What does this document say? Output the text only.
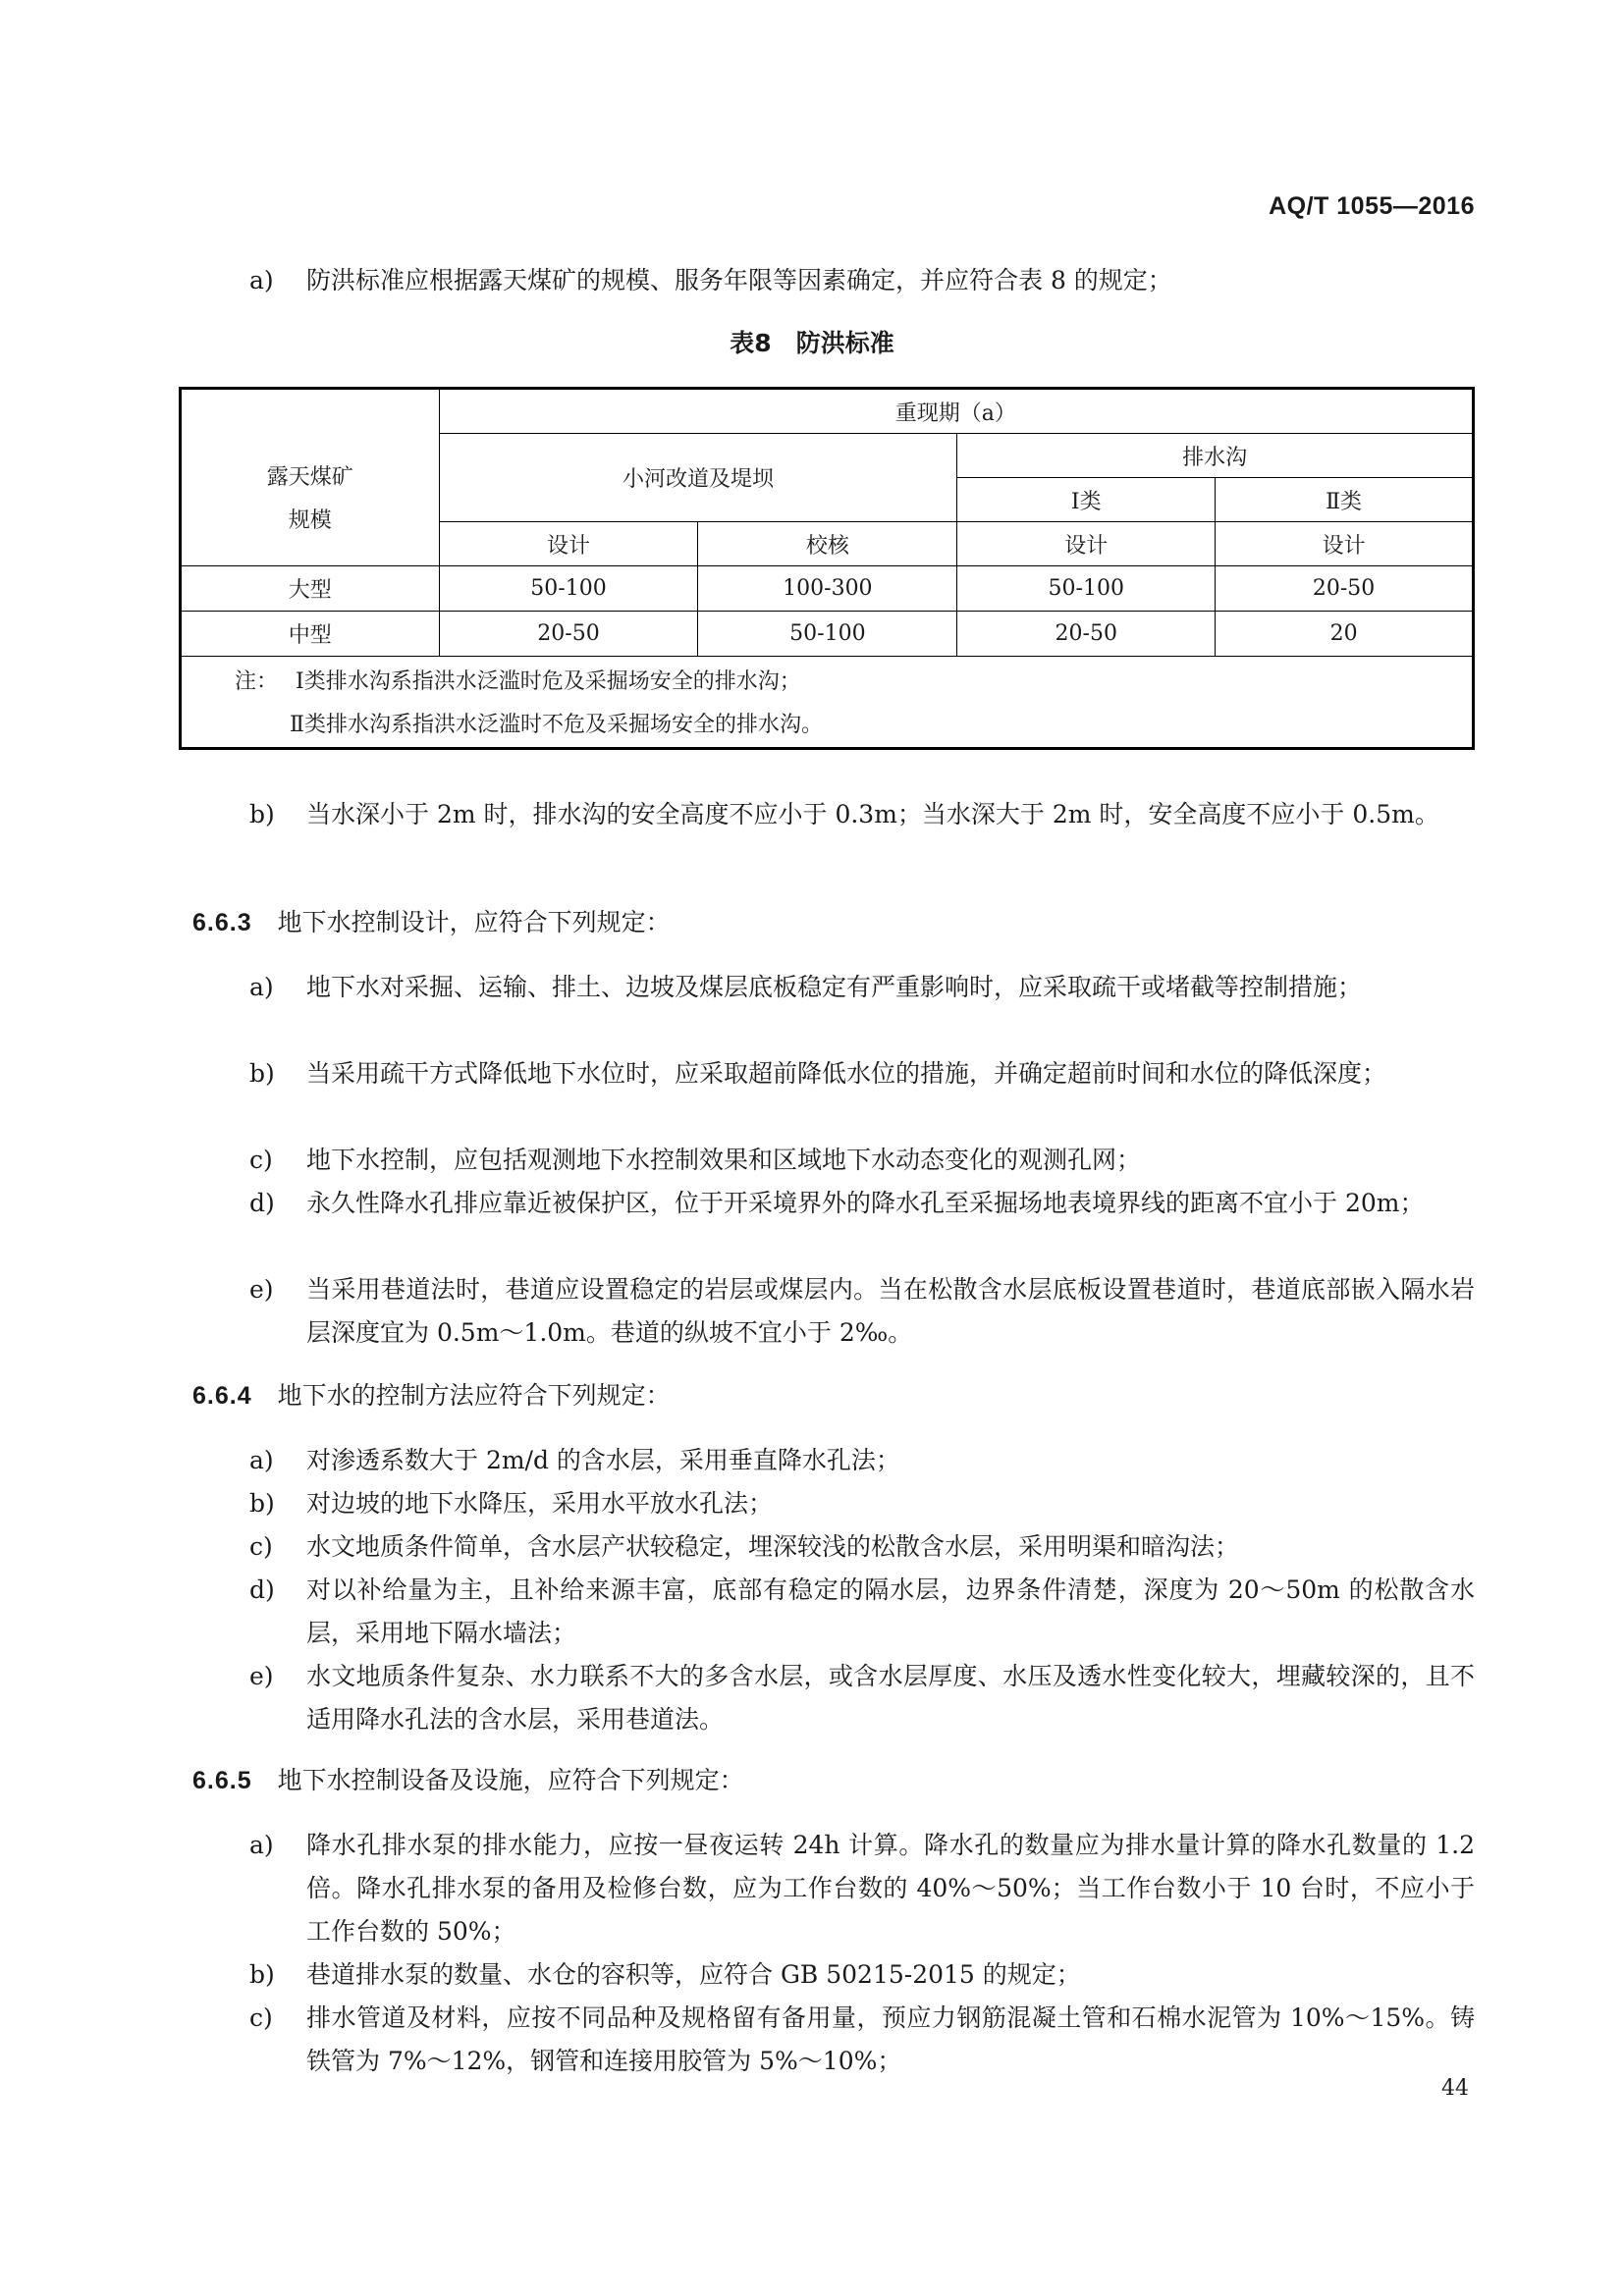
AQ/T 1055—2016
a) 防洪标准应根据露天煤矿的规模、服务年限等因素确定，并应符合表 8 的规定；
表8　防洪标准

露天煤矿
规模	重现期（a）			
	小河改道及堤坝		排水沟	
			Ⅰ类	Ⅱ类
	设计	校核	设计	设计
大型	50-100	100-300	50-100	20-50
中型	20-50	50-100	20-50	20

注： Ⅰ类排水沟系指洪水泛滥时危及采掘场安全的排水沟；
Ⅱ类排水沟系指洪水泛滥时不危及采掘场安全的排水沟。				
b) 当水深小于 2m 时，排水沟的安全高度不应小于 0.3m；当水深大于 2m 时，安全高度不应小于 0.5m。
6.6.3 地下水控制设计，应符合下列规定：
a) 地下水对采掘、运输、排土、边坡及煤层底板稳定有严重影响时，应采取疏干或堵截等控制措施；
b) 当采用疏干方式降低地下水位时，应采取超前降低水位的措施，并确定超前时间和水位的降低深度；
c) 地下水控制，应包括观测地下水控制效果和区域地下水动态变化的观测孔网；
d) 永久性降水孔排应靠近被保护区，位于开采境界外的降水孔至采掘场地表境界线的距离不宜小于 20m；
e) 当采用巷道法时，巷道应设置稳定的岩层或煤层内。当在松散含水层底板设置巷道时，巷道底部嵌入隔水岩层深度宜为 0.5m～1.0m。巷道的纵坡不宜小于 2‰。
6.6.4 地下水的控制方法应符合下列规定：
a) 对渗透系数大于 2m/d 的含水层，采用垂直降水孔法；
b) 对边坡的地下水降压，采用水平放水孔法；
c) 水文地质条件简单，含水层产状较稳定，埋深较浅的松散含水层，采用明渠和暗沟法；
d) 对以补给量为主，且补给来源丰富，底部有稳定的隔水层，边界条件清楚，深度为 20～50m 的松散含水层，采用地下隔水墙法；
e) 水文地质条件复杂、水力联系不大的多含水层，或含水层厚度、水压及透水性变化较大，埋藏较深的，且不适用降水孔法的含水层，采用巷道法。
6.6.5 地下水控制设备及设施，应符合下列规定：
a) 降水孔排水泵的排水能力，应按一昼夜运转 24h 计算。降水孔的数量应为排水量计算的降水孔数量的 1.2 倍。降水孔排水泵的备用及检修台数，应为工作台数的 40%～50%；当工作台数小于 10 台时，不应小于工作台数的 50%；
b) 巷道排水泵的数量、水仓的容积等，应符合 GB 50215-2015 的规定；
c) 排水管道及材料，应按不同品种及规格留有备用量，预应力钢筋混凝土管和石棉水泥管为 10%～15%。铸铁管为 7%～12%，钢管和连接用胶管为 5%～10%；
44
